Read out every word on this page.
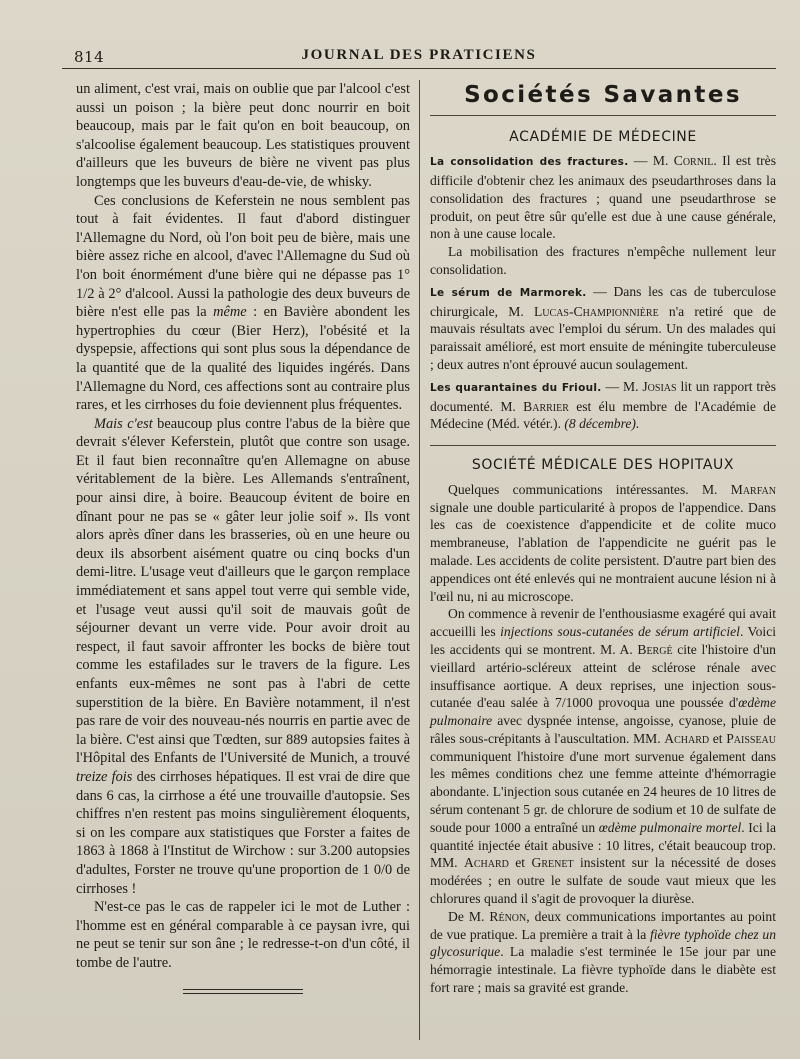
814	JOURNAL DES PRATICIENS

un aliment, c'est vrai, mais on oublie que par l'alcool c'est aussi un poison ; la bière peut donc nourrir en boit beaucoup, mais par le fait qu'on en boit beaucoup, on s'alcoolise également beaucoup. Les statistiques prouvent d'ailleurs que les buveurs de bière ne vivent pas plus longtemps que les buveurs d'eau-de-vie, de whisky.

Ces conclusions de Keferstein ne nous semblent pas tout à fait évidentes. Il faut d'abord distinguer l'Allemagne du Nord, où l'on boit peu de bière, mais une bière assez riche en alcool, d'avec l'Allemagne du Sud où l'on boit énormément d'une bière qui ne dépasse pas 1° 1/2 à 2° d'alcool. Aussi la pathologie des deux buveurs de bière n'est elle pas la même : en Bavière abondent les hypertrophies du cœur (Bier Herz), l'obésité et la dyspepsie, affections qui sont plus sous la dépendance de la quantité que de la qualité des liquides ingérés. Dans l'Allemagne du Nord, ces affections sont au contraire plus rares, et les cirrhoses du foie deviennent plus fréquentes.

Mais c'est beaucoup plus contre l'abus de la bière que devrait s'élever Keferstein, plutôt que contre son usage. Et il faut bien reconnaître qu'en Allemagne on abuse véritablement de la bière. Les Allemands s'entraînent, pour ainsi dire, à boire. Beaucoup évitent de boire en dînant pour ne pas se « gâter leur jolie soif ». Ils vont alors après dîner dans les brasseries, où en une heure ou deux ils absorbent aisément quatre ou cinq bocks d'un demi-litre. L'usage veut d'ailleurs que le garçon remplace immédiatement et sans appel tout verre qui semble vide, et l'usage veut aussi qu'il soit de mauvais goût de séjourner devant un verre vide. Pour avoir droit au respect, il faut savoir affronter les bocks de bière tout comme les estafilades sur le travers de la figure. Les enfants eux-mêmes ne sont pas à l'abri de cette superstition de la bière. En Bavière notamment, il n'est pas rare de voir des nouveau-nés nourris en partie avec de la bière. C'est ainsi que Tœdten, sur 889 autopsies faites à l'Hôpital des Enfants de l'Université de Munich, a trouvé treize fois des cirrhoses hépatiques. Il est vrai de dire que dans 6 cas, la cirrhose a été une trouvaille d'autopsie. Ses chiffres n'en restent pas moins singulièrement éloquents, si on les compare aux statistiques que Forster a faites de 1863 à 1868 à l'Institut de Wirchow : sur 3.200 autopsies d'adultes, Forster ne trouve qu'une proportion de 1 0/0 de cirrhoses !

N'est-ce pas le cas de rappeler ici le mot de Luther : l'homme est en général comparable à ce paysan ivre, qui ne peut se tenir sur son âne ; le redresse-t-on d'un côté, il tombe de l'autre.

Sociétés Savantes
ACADÉMIE DE MÉDECINE

La consolidation des fractures. — M. Cornil. Il est très difficile d'obtenir chez les animaux des pseudarthroses dans la consolidation des fractures ; quand une pseudarthrose se produit, on peut être sûr qu'elle est due à une cause générale, non à une cause locale.

La mobilisation des fractures n'empêche nullement leur consolidation.

Le sérum de Marmorek. — Dans les cas de tuberculose chirurgicale, M. Lucas-Championnière n'a retiré que de mauvais résultats avec l'emploi du sérum. Un des malades qui paraissait amélioré, est mort ensuite de méningite tuberculeuse ; deux autres n'ont éprouvé aucun soulagement.

Les quarantaines du Frioul. — M. Josias lit un rapport très documenté. M. Barrier est élu membre de l'Académie de Médecine (Méd. vétér.). (8 décembre).

SOCIÉTÉ MÉDICALE DES HOPITAUX

Quelques communications intéressantes. M. Marfan signale une double particularité à propos de l'appendice. Dans les cas de coexistence d'appendicite et de colite muco membraneuse, l'ablation de l'appendicite ne guérit pas le malade. Les accidents de colite persistent. D'autre part bien des appendices ont été enlevés qui ne montraient aucune lésion ni à l'œil nu, ni au microscope.

On commence à revenir de l'enthousiasme exagéré qui avait accueilli les injections sous-cutanées de sérum artificiel. Voici les accidents qui se montrent. M. A. Bergé cite l'histoire d'un vieillard artério-scléreux atteint de sclérose rénale avec insuffisance aortique. A deux reprises, une injection sous-cutanée d'eau salée à 7/1000 provoqua une poussée d'œdème pulmonaire avec dyspnée intense, angoisse, cyanose, pluie de râles sous-crépitants à l'auscultation. MM. Achard et Paisseau communiquent l'histoire d'une mort survenue également dans les mêmes conditions chez une femme atteinte d'hémorragie abondante. L'injection sous cutanée en 24 heures de 10 litres de sérum contenant 5 gr. de chlorure de sodium et 10 de sulfate de soude pour 1000 a entraîné un œdème pulmonaire mortel. Ici la quantité injectée était abusive : 10 litres, c'était beaucoup trop. MM. Achard et Grenet insistent sur la nécessité de doses modérées ; en outre le sulfate de soude vaut mieux que les chlorures quand il s'agit de provoquer la diurèse.

De M. Rénon, deux communications importantes au point de vue pratique. La première a trait à la fièvre typhoïde chez un glycosurique. La maladie s'est terminée le 15e jour par une hémorragie intestinale. La fièvre typhoïde dans le diabète est fort rare ; mais sa gravité est grande.
